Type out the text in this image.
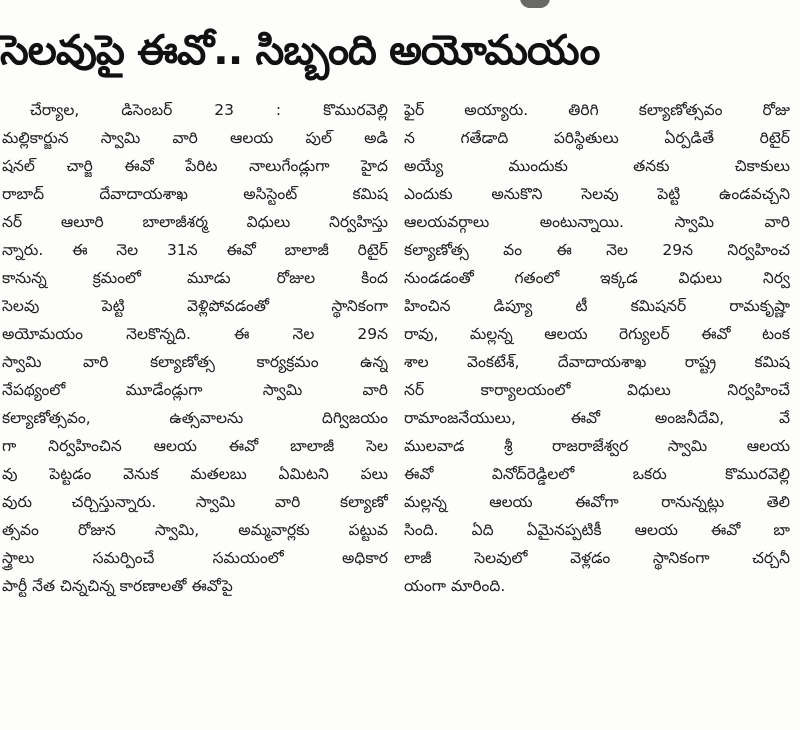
సెలవుపై ఈవో.. సిబ్బంది అయోమయం
చేర్యాల, డిసెంబర్ 23 : కొమురవెల్లి
మల్లికార్జున స్వామి వారి ఆలయ పుల్ అడి
షనల్ చార్జి ఈవో పేరిట నాలుగేండ్లుగా హైద
రాబాద్ దేవాదాయశాఖ అసిస్టెంట్ కమిష
నర్ ఆలూరి బాలాజీశర్మ విధులు నిర్వహిస్తు
న్నారు. ఈ నెల 31న ఈవో బాలాజీ రిటైర్
కానున్న క్రమంలో మూడు రోజుల కింద
సెలవు పెట్టి వెళ్లిపోవడంతో స్థానికంగా
అయోమయం నెలకొన్నది. ఈ నెల 29న
స్వామి వారి కల్యాణోత్స కార్యక్రమం ఉన్న
నేపథ్యంలో మూడేండ్లుగా స్వామి వారి
కల్యాణోత్సవం, ఉత్సవాలను దిగ్విజయం
గా నిర్వహించిన ఆలయ ఈవో బాలాజీ సెల
వు పెట్టడం వెనుక మతలబు ఏమిటని పలు
వురు చర్చిస్తున్నారు. స్వామి వారి కల్యాణో
త్సవం రోజున స్వామి, అమ్మవార్లకు పట్టువ
స్త్రాలు సమర్పించే సమయంలో అధికార
పార్టీ నేత చిన్నచిన్న కారణాలతో ఈవోపై
ఫైర్ అయ్యారు. తిరిగి కల్యాణోత్సవం రోజు
న గతేడాది పరిస్థితులు ఏర్పడితే రిటైర్
అయ్యే ముందుకు తనకు చికాకులు
ఎందుకు అనుకొని సెలవు పెట్టి ఉండవచ్చని
ఆలయవర్గాలు అంటున్నాయి. స్వామి వారి
కల్యాణోత్స వం ఈ నెల 29న నిర్వహించ
నుండడంతో గతంలో ఇక్కడ విధులు నిర్వ
హించిన డిప్యూ టీ కమిషనర్ రామకృష్ణా
రావు, మల్లన్న ఆలయ రెగ్యులర్ ఈవో టంక
శాల వెంకటేశ్, దేవాదాయశాఖ రాష్ట్ర కమిష
నర్ కార్యాలయంలో విధులు నిర్వహించే
రామాంజనేయులు, ఈవో అంజనీదేవి, వే
ములవాడ శ్రీ రాజరాజేశ్వర స్వామి ఆలయ
ఈవో వినోద్‌రెడ్డిలలో ఒకరు కొమురవెల్లి
మల్లన్న ఆలయ ఈవోగా రానున్నట్లు తెలి
సింది. ఏది ఏమైనప్పటికీ ఆలయ ఈవో బా
లాజీ సెలవులో వెళ్లడం స్థానికంగా చర్చనీ
యంగా మారింది.
